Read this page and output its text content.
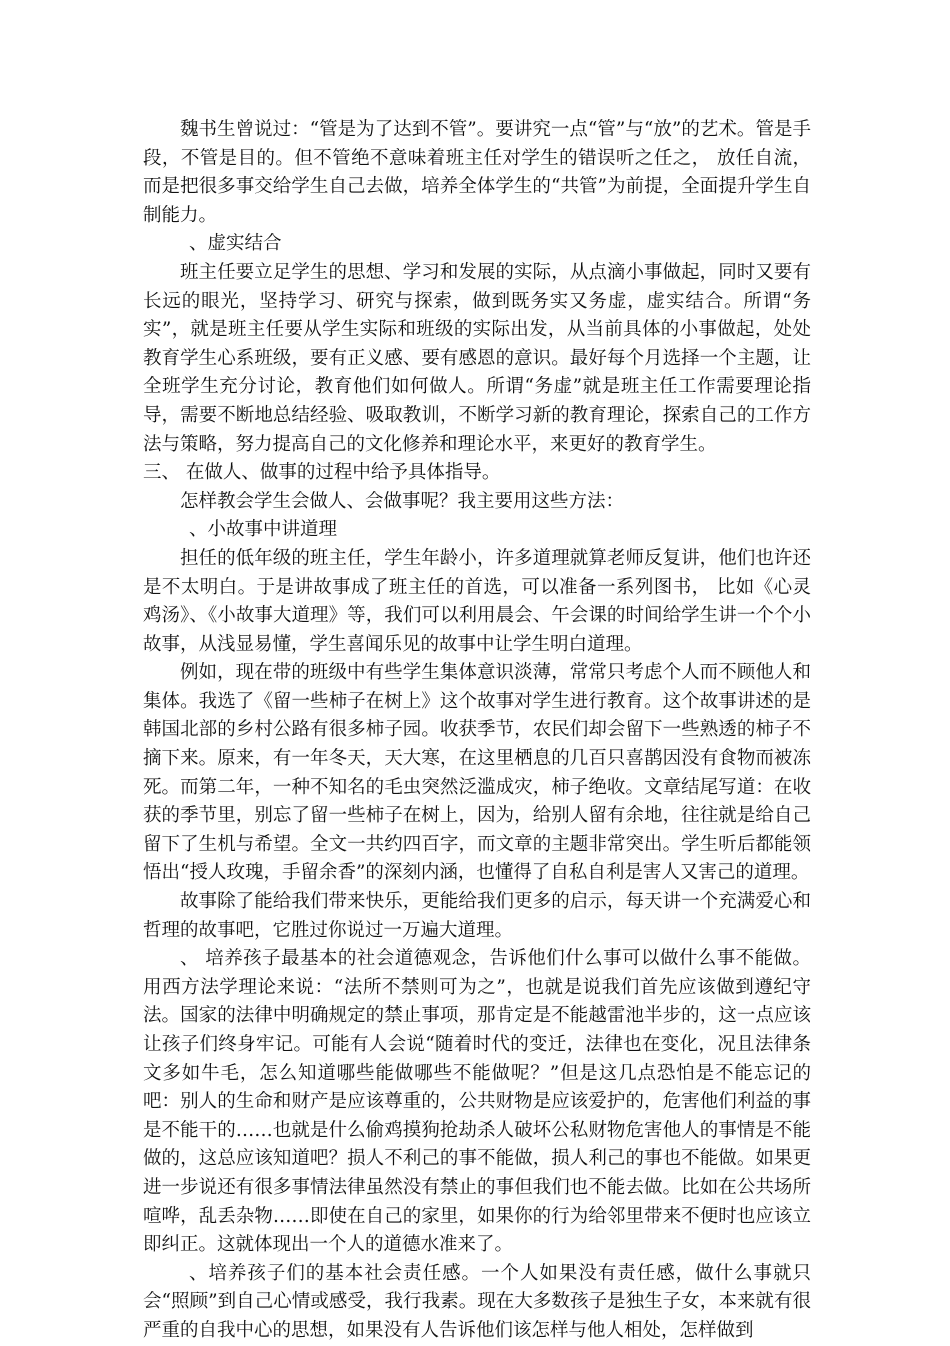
魏书生曾说过：“管是为了达到不管”。要讲究一点“管”与“放”的艺术。管是手段，不管是目的。但不管绝不意味着班主任对学生的错误听之任之， 放任自流，而是把很多事交给学生自己去做，培养全体学生的“共管”为前提，全面提升学生自制能力。

、虚实结合

班主任要立足学生的思想、学习和发展的实际，从点滴小事做起，同时又要有长远的眼光，坚持学习、研究与探索，做到既务实又务虚，虚实结合。所谓“务实”，就是班主任要从学生实际和班级的实际出发，从当前具体的小事做起，处处教育学生心系班级，要有正义感、要有感恩的意识。最好每个月选择一个主题，让全班学生充分讨论，教育他们如何做人。所谓“务虚”就是班主任工作需要理论指导，需要不断地总结经验、吸取教训，不断学习新的教育理论，探索自己的工作方法与策略，努力提高自己的文化修养和理论水平，来更好的教育学生。

三、 在做人、做事的过程中给予具体指导。

怎样教会学生会做人、会做事呢？我主要用这些方法：

、小故事中讲道理

担任的低年级的班主任，学生年龄小，许多道理就算老师反复讲，他们也许还是不太明白。于是讲故事成了班主任的首选，可以准备一系列图书， 比如《心灵鸡汤》、《小故事大道理》等，我们可以利用晨会、午会课的时间给学生讲一个个小故事，从浅显易懂，学生喜闻乐见的故事中让学生明白道理。

例如，现在带的班级中有些学生集体意识淡薄，常常只考虑个人而不顾他人和集体。我选了《留一些柿子在树上》这个故事对学生进行教育。这个故事讲述的是韩国北部的乡村公路有很多柿子园。收获季节，农民们却会留下一些熟透的柿子不摘下来。原来，有一年冬天，天大寒，在这里栖息的几百只喜鹊因没有食物而被冻死。而第二年，一种不知名的毛虫突然泛滥成灾，柿子绝收。文章结尾写道：在收获的季节里，别忘了留一些柿子在树上，因为，给别人留有余地，往往就是给自己留下了生机与希望。全文一共约四百字，而文章的主题非常突出。学生听后都能领悟出“授人玫瑰，手留余香”的深刻内涵，也懂得了自私自利是害人又害己的道理。

故事除了能给我们带来快乐，更能给我们更多的启示，每天讲一个充满爱心和哲理的故事吧，它胜过你说过一万遍大道理。

、 培养孩子最基本的社会道德观念，告诉他们什么事可以做什么事不能做。用西方法学理论来说：“法所不禁则可为之”，也就是说我们首先应该做到遵纪守法。国家的法律中明确规定的禁止事项，那肯定是不能越雷池半步的，这一点应该让孩子们终身牢记。可能有人会说“随着时代的变迁，法律也在变化，况且法律条文多如牛毛，怎么知道哪些能做哪些不能做呢？”但是这几点恐怕是不能忘记的吧：别人的生命和财产是应该尊重的，公共财物是应该爱护的，危害他们利益的事是不能干的……也就是什么偷鸡摸狗抢劫杀人破坏公私财物危害他人的事情是不能做的，这总应该知道吧？损人不利己的事不能做，损人利己的事也不能做。如果更进一步说还有很多事情法律虽然没有禁止的事但我们也不能去做。比如在公共场所喧哗，乱丢杂物……即使在自己的家里，如果你的行为给邻里带来不便时也应该立即纠正。这就体现出一个人的道德水准来了。

、培养孩子们的基本社会责任感。一个人如果没有责任感，做什么事就只会“照顾”到自己心情或感受，我行我素。现在大多数孩子是独生子女，本来就有很严重的自我中心的思想，如果没有人告诉他们该怎样与他人相处，怎样做到
